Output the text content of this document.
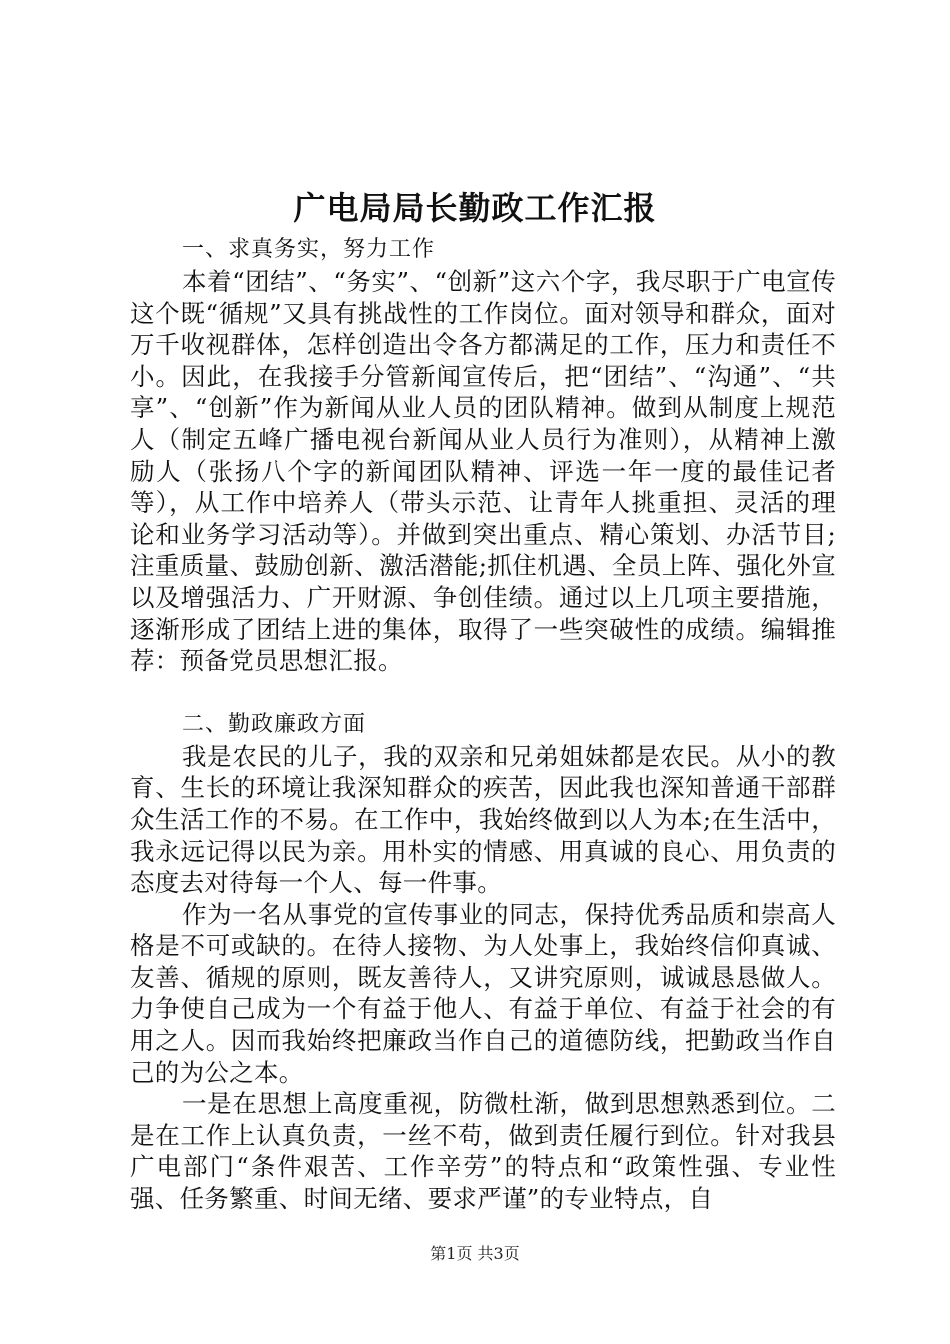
广电局局长勤政工作汇报

一、求真务实，努力工作

本着“团结”、“务实”、“创新”这六个字，我尽职于广电宣传这个既“循规”又具有挑战性的工作岗位。面对领导和群众，面对万千收视群体，怎样创造出令各方都满足的工作，压力和责任不小。因此，在我接手分管新闻宣传后，把“团结”、“沟通”、“共享”、“创新”作为新闻从业人员的团队精神。做到从制度上规范人（制定五峰广播电视台新闻从业人员行为准则），从精神上激励人（张扬八个字的新闻团队精神、评选一年一度的最佳记者等），从工作中培养人（带头示范、让青年人挑重担、灵活的理论和业务学习活动等）。并做到突出重点、精心策划、办活节目;注重质量、鼓励创新、激活潜能;抓住机遇、全员上阵、强化外宣以及增强活力、广开财源、争创佳绩。通过以上几项主要措施，逐渐形成了团结上进的集体，取得了一些突破性的成绩。编辑推荐：预备党员思想汇报。

二、勤政廉政方面

我是农民的儿子，我的双亲和兄弟姐妹都是农民。从小的教育、生长的环境让我深知群众的疾苦，因此我也深知普通干部群众生活工作的不易。在工作中，我始终做到以人为本;在生活中，我永远记得以民为亲。用朴实的情感、用真诚的良心、用负责的态度去对待每一个人、每一件事。

作为一名从事党的宣传事业的同志，保持优秀品质和崇高人格是不可或缺的。在待人接物、为人处事上，我始终信仰真诚、友善、循规的原则，既友善待人，又讲究原则，诚诚恳恳做人。力争使自己成为一个有益于他人、有益于单位、有益于社会的有用之人。因而我始终把廉政当作自己的道德防线，把勤政当作自己的为公之本。

一是在思想上高度重视，防微杜渐，做到思想熟悉到位。二是在工作上认真负责，一丝不苟，做到责任履行到位。针对我县广电部门“条件艰苦、工作辛劳”的特点和“政策性强、专业性强、任务繁重、时间无绪、要求严谨”的专业特点，自

第1页 共3页
